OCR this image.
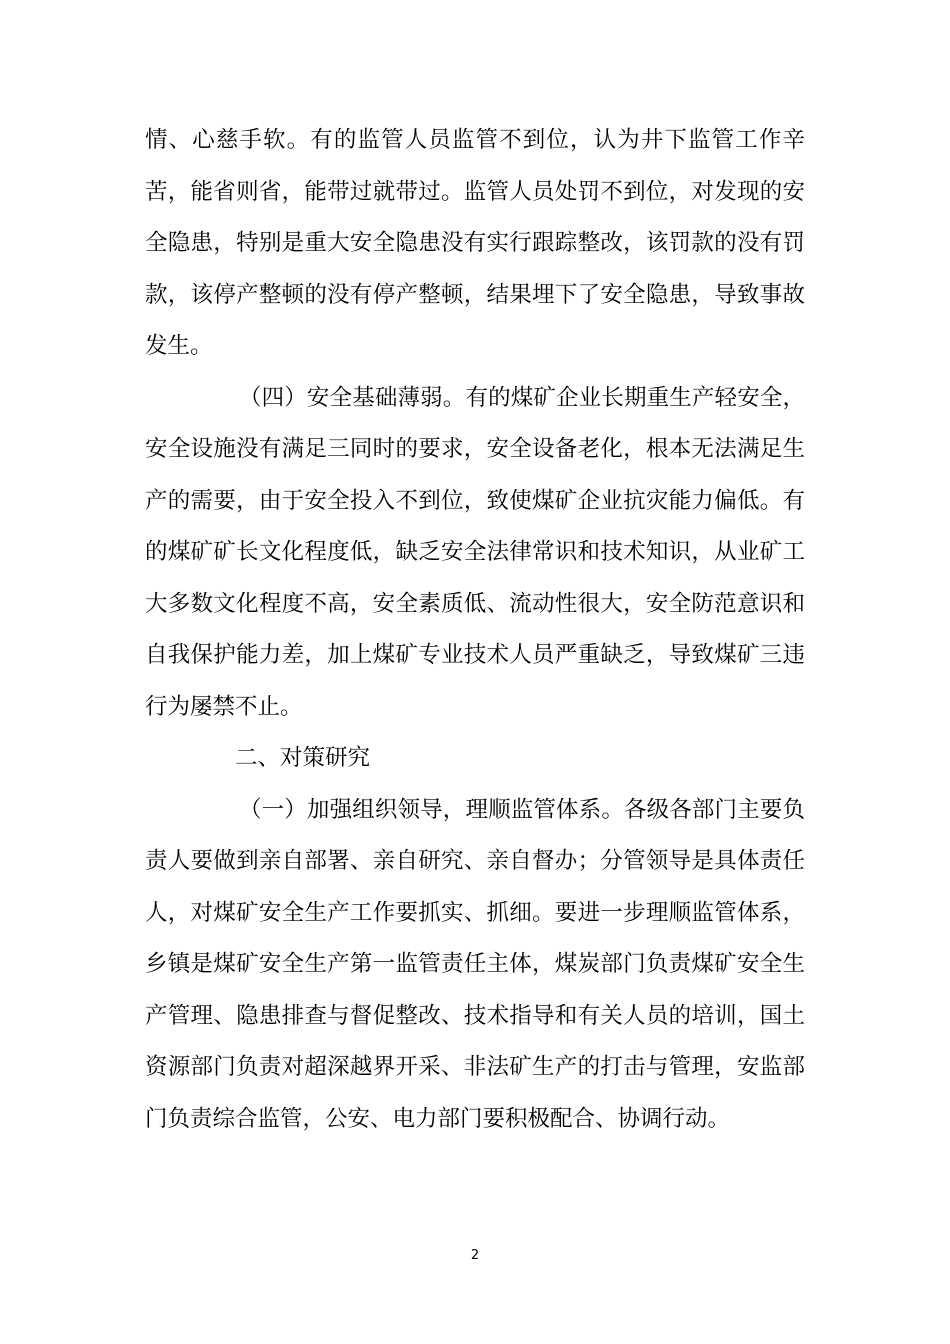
情、心慈手软。有的监管人员监管不到位，认为井下监管工作辛苦，能省则省，能带过就带过。监管人员处罚不到位，对发现的安全隐患，特别是重大安全隐患没有实行跟踪整改，该罚款的没有罚款，该停产整顿的没有停产整顿，结果埋下了安全隐患，导致事故发生。

（四）安全基础薄弱。有的煤矿企业长期重生产轻安全，安全设施没有满足三同时的要求，安全设备老化，根本无法满足生产的需要，由于安全投入不到位，致使煤矿企业抗灾能力偏低。有的煤矿矿长文化程度低，缺乏安全法律常识和技术知识，从业矿工大多数文化程度不高，安全素质低、流动性很大，安全防范意识和自我保护能力差，加上煤矿专业技术人员严重缺乏，导致煤矿三违行为屡禁不止。

二、对策研究

（一）加强组织领导，理顺监管体系。各级各部门主要负责人要做到亲自部署、亲自研究、亲自督办；分管领导是具体责任人，对煤矿安全生产工作要抓实、抓细。要进一步理顺监管体系，乡镇是煤矿安全生产第一监管责任主体，煤炭部门负责煤矿安全生产管理、隐患排查与督促整改、技术指导和有关人员的培训，国土资源部门负责对超深越界开采、非法矿生产的打击与管理，安监部门负责综合监管，公安、电力部门要积极配合、协调行动。

2
